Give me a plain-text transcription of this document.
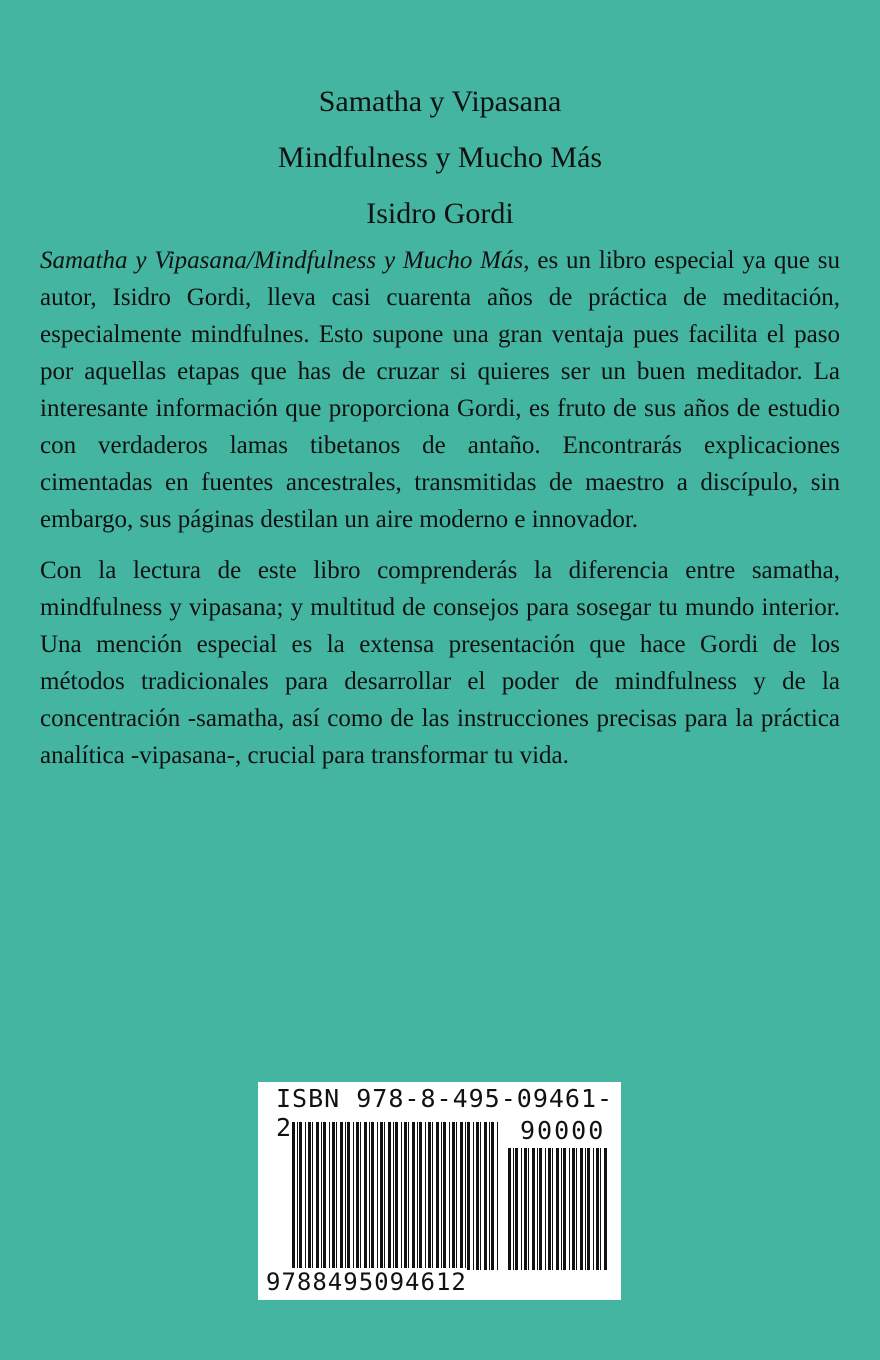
Samatha y Vipasana
Mindfulness y Mucho Más
Isidro Gordi

Samatha y Vipasana/Mindfulness y Mucho Más, es un libro especial ya que su autor, Isidro Gordi, lleva casi cuarenta años de práctica de meditación, especialmente mindfulnes. Esto supone una gran ventaja pues facilita el paso por aquellas etapas que has de cruzar si quieres ser un buen meditador. La interesante información que proporciona Gordi, es fruto de sus años de estudio con verdaderos lamas tibetanos de antaño. Encontrarás explicaciones cimentadas en fuentes ancestrales, transmitidas de maestro a discípulo, sin embargo, sus páginas destilan un aire moderno e innovador.

Con la lectura de este libro comprenderás la diferencia entre samatha, mindfulness y vipasana; y multitud de consejos para sosegar tu mundo interior. Una mención especial es la extensa presentación que hace Gordi de los métodos tradicionales para desarrollar el poder de mindfulness y de la concentración -samatha, así como de las instrucciones precisas para la práctica analítica -vipasana-, crucial para transformar tu vida.

ISBN 978-8-495-09461-2	90000
9788495094612
